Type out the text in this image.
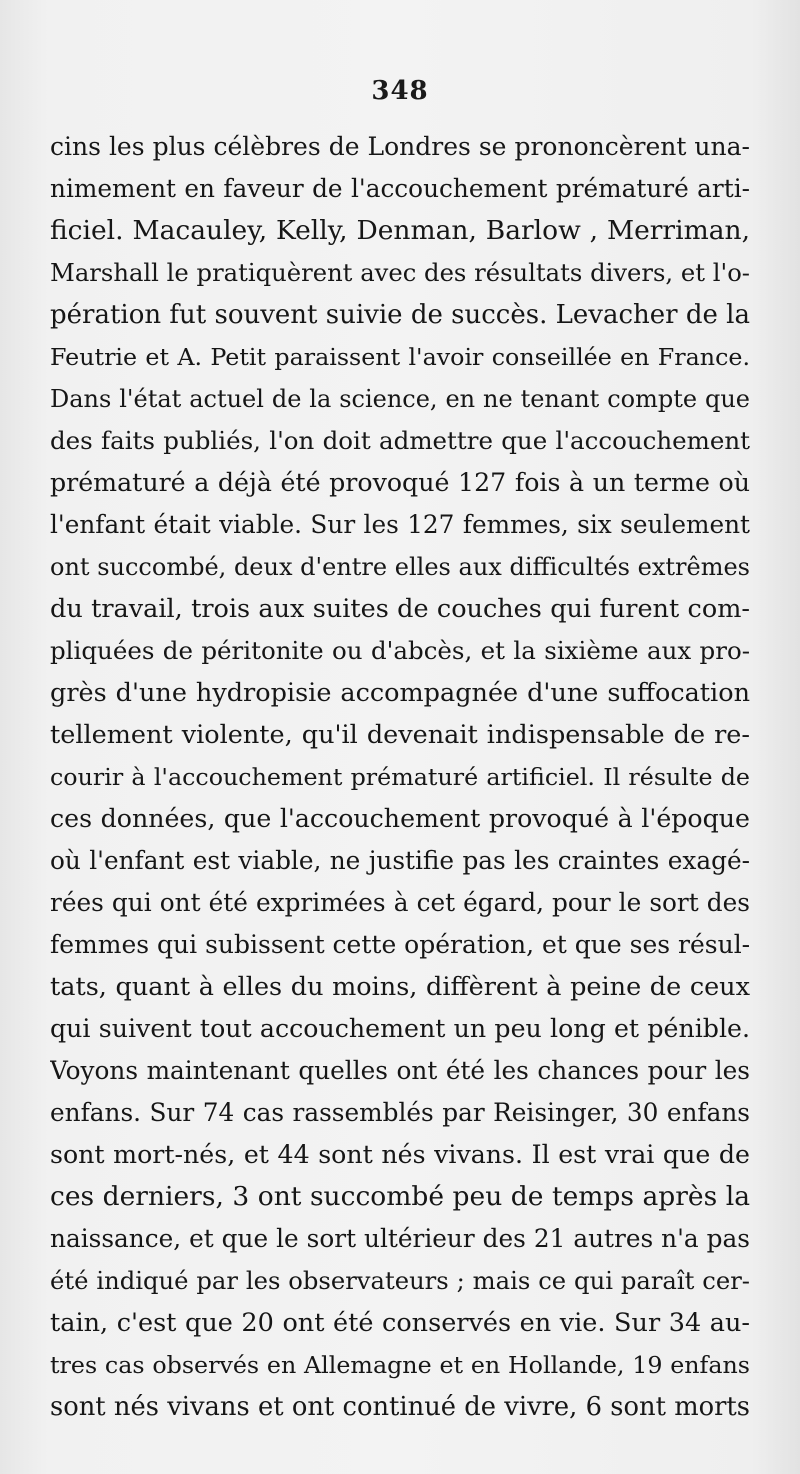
348
cins les plus célèbres de Londres se prononcèrent una-
nimement en faveur de l'accouchement prématuré arti-
ficiel. Macauley, Kelly, Denman, Barlow , Merriman,
Marshall le pratiquèrent avec des résultats divers, et l'o-
pération fut souvent suivie de succès. Levacher de la
Feutrie et A. Petit paraissent l'avoir conseillée en France.
Dans l'état actuel de la science, en ne tenant compte que
des faits publiés, l'on doit admettre que l'accouchement
prématuré a déjà été provoqué 127 fois à un terme où
l'enfant était viable. Sur les 127 femmes, six seulement
ont succombé, deux d'entre elles aux difficultés extrêmes
du travail, trois aux suites de couches qui furent com-
pliquées de péritonite ou d'abcès, et la sixième aux pro-
grès d'une hydropisie accompagnée d'une suffocation
tellement violente, qu'il devenait indispensable de re-
courir à l'accouchement prématuré artificiel. Il résulte de
ces données, que l'accouchement provoqué à l'époque
où l'enfant est viable, ne justifie pas les craintes exagé-
rées qui ont été exprimées à cet égard, pour le sort des
femmes qui subissent cette opération, et que ses résul-
tats, quant à elles du moins, diffèrent à peine de ceux
qui suivent tout accouchement un peu long et pénible.
Voyons maintenant quelles ont été les chances pour les
enfans. Sur 74 cas rassemblés par Reisinger, 30 enfans
sont mort-nés, et 44 sont nés vivans. Il est vrai que de
ces derniers, 3 ont succombé peu de temps après la
naissance, et que le sort ultérieur des 21 autres n'a pas
été indiqué par les observateurs ; mais ce qui paraît cer-
tain, c'est que 20 ont été conservés en vie. Sur 34 au-
tres cas observés en Allemagne et en Hollande, 19 enfans
sont nés vivans et ont continué de vivre, 6 sont morts
